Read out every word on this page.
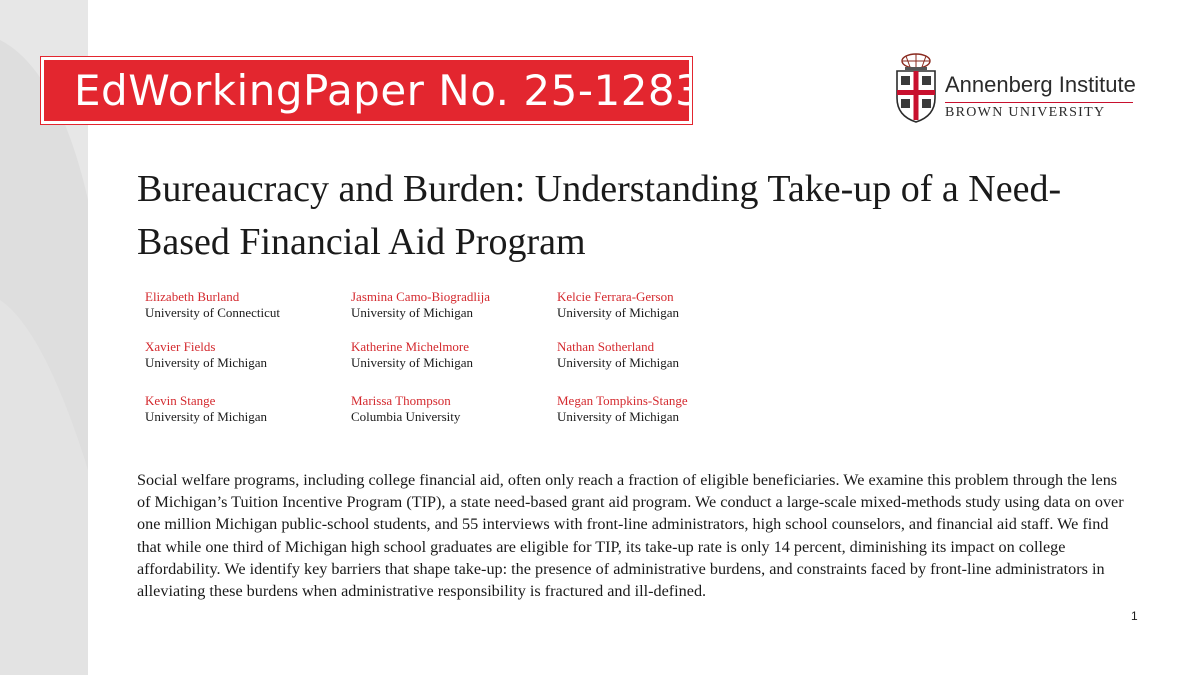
EdWorkingPaper No. 25-1283	Annenberg Institute
BROWN UNIVERSITY
Bureaucracy and Burden: Understanding Take-up of a Need-Based Financial Aid Program
Elizabeth Burland
University of Connecticut
Jasmina Camo-Biogradlija
University of Michigan
Kelcie Ferrara-Gerson
University of Michigan
Xavier Fields
University of Michigan
Katherine Michelmore
University of Michigan
Nathan Sotherland
University of Michigan
Kevin Stange
University of Michigan
Marissa Thompson
Columbia University
Megan Tompkins-Stange
University of Michigan

Social welfare programs, including college financial aid, often only reach a fraction of eligible beneficiaries. We examine this problem through the lens of Michigan’s Tuition Incentive Program (TIP), a state need-based grant aid program. We conduct a large-scale mixed-methods study using data on over one million Michigan public-school students, and 55 interviews with front-line administrators, high school counselors, and financial aid staff. We find that while one third of Michigan high school graduates are eligible for TIP, its take-up rate is only 14 percent, diminishing its impact on college affordability. We identify key barriers that shape take-up: the presence of administrative burdens, and constraints faced by front-line administrators in alleviating these burdens when administrative responsibility is fractured and ill-defined.

1
